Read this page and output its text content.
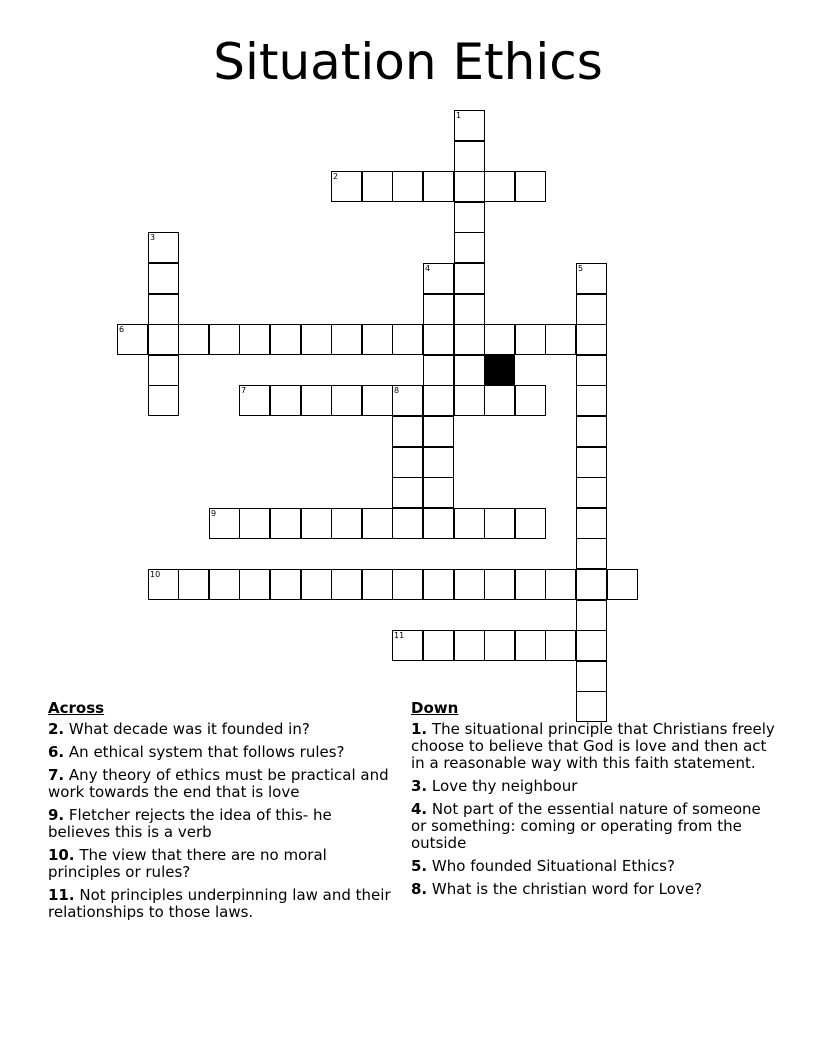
Situation Ethics
1
2
3
4	5
6
7	8
9
10
11
Across
2. What decade was it founded in?
6. An ethical system that follows rules?
7. Any theory of ethics must be practical and work towards the end that is love
9. Fletcher rejects the idea of this- he believes this is a verb
10. The view that there are no moral principles or rules?
11. Not principles underpinning law and their relationships to those laws.
Down
1. The situational principle that Christians freely choose to believe that God is love and then act in a reasonable way with this faith statement.
3. Love thy neighbour
4. Not part of the essential nature of someone or something: coming or operating from the outside
5. Who founded Situational Ethics?
8. What is the christian word for Love?
